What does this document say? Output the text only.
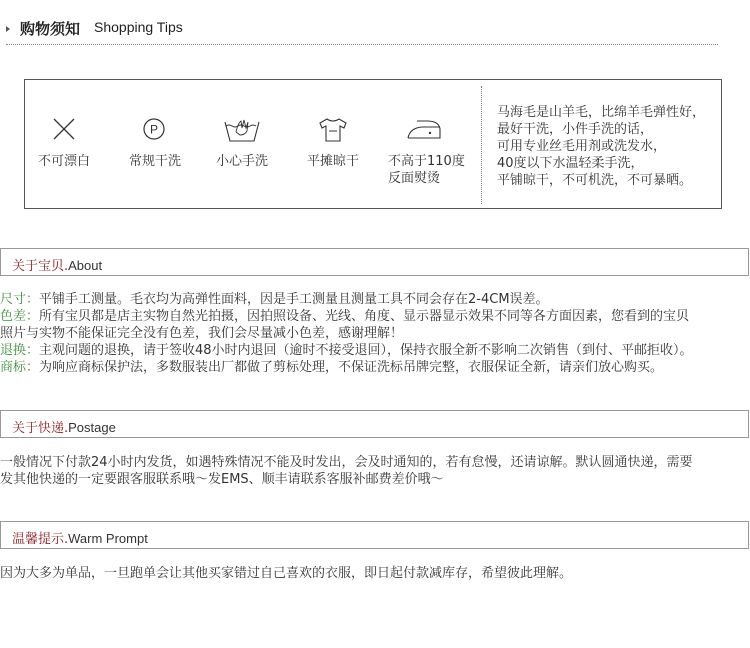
购物须知 Shopping Tips
不可漂白
P
常规干洗	小心手洗	平摊晾干	不高于110度
反面熨烫
马海毛是山羊毛，比绵羊毛弹性好，
最好干洗，小件手洗的话，
可用专业丝毛用剂或洗发水，
40度以下水温轻柔手洗，
平铺晾干，不可机洗，不可暴晒。
关于宝贝.About
尺寸：平铺手工测量。毛衣均为高弹性面料，因是手工测量且测量工具不同会存在2-4CM误差。
色差：所有宝贝都是店主实物自然光拍摄，因拍照设备、光线、角度、显示器显示效果不同等各方面因素，您看到的宝贝
照片与实物不能保证完全没有色差，我们会尽量减小色差，感谢理解！
退换：主观问题的退换，请于签收48小时内退回（逾时不接受退回），保持衣服全新不影响二次销售（到付、平邮拒收）。
商标：为响应商标保护法，多数服装出厂都做了剪标处理，不保证洗标吊牌完整，衣服保证全新，请亲们放心购买。
关于快递.Postage
一般情况下付款24小时内发货，如遇特殊情况不能及时发出，会及时通知的，若有怠慢，还请谅解。默认圆通快递，需要
发其他快递的一定要跟客服联系哦～发EMS、顺丰请联系客服补邮费差价哦～
温馨提示.Warm Prompt
因为大多为单品，一旦跑单会让其他买家错过自己喜欢的衣服，即日起付款减库存，希望彼此理解。
